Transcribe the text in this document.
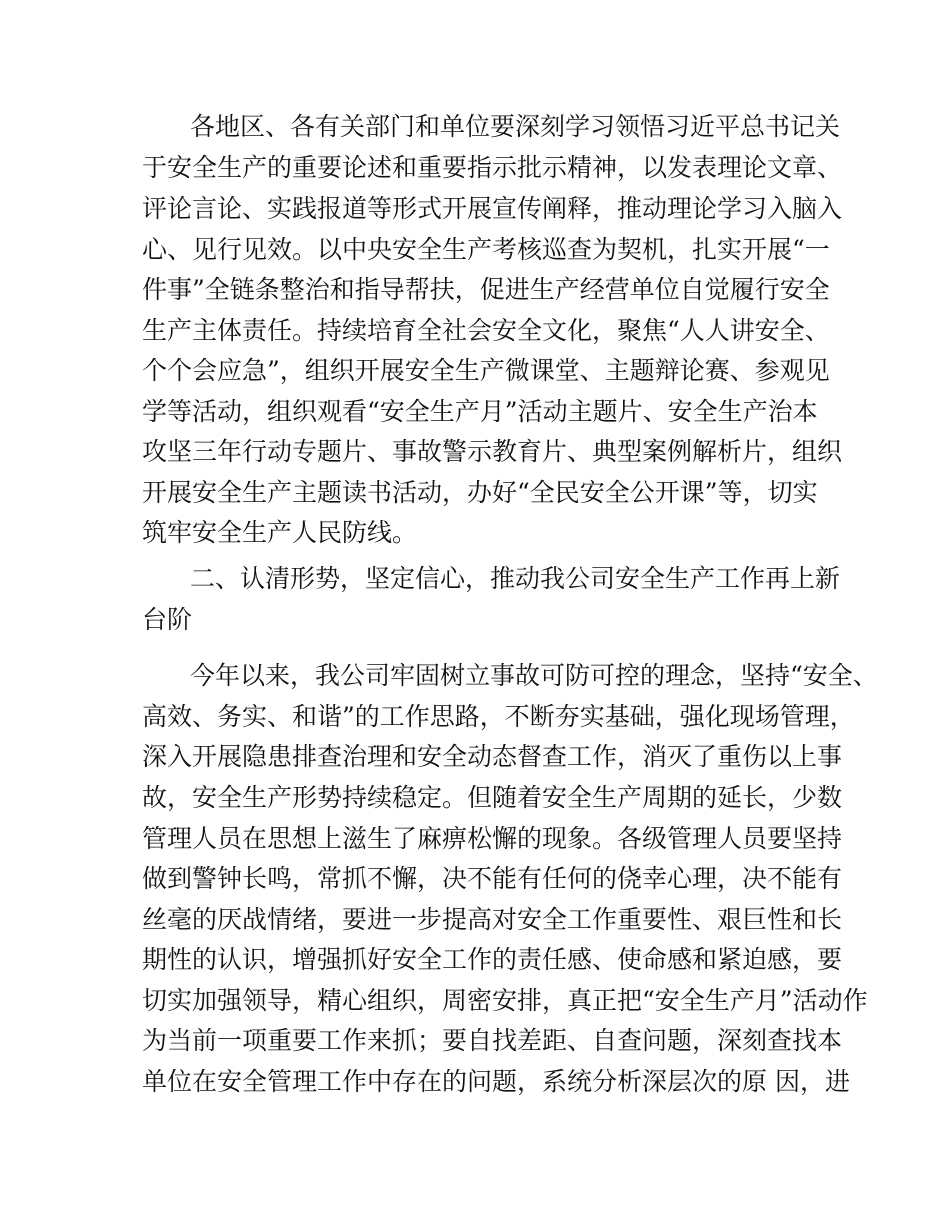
各地区、各有关部门和单位要深刻学习领悟习近平总书记关
于安全生产的重要论述和重要指示批示精神，以发表理论文章、
评论言论、实践报道等形式开展宣传阐释，推动理论学习入脑入
心、见行见效。以中央安全生产考核巡查为契机，扎实开展“一
件事”全链条整治和指导帮扶，促进生产经营单位自觉履行安全
生产主体责任。持续培育全社会安全文化，聚焦“人人讲安全、
个个会应急”，组织开展安全生产微课堂、主题辩论赛、参观见
学等活动，组织观看“安全生产月”活动主题片、安全生产治本
攻坚三年行动专题片、事故警示教育片、典型案例解析片，组织
开展安全生产主题读书活动，办好“全民安全公开课”等，切实
筑牢安全生产人民防线。
二、认清形势，坚定信心，推动我公司安全生产工作再上新
台阶
今年以来，我公司牢固树立事故可防可控的理念，坚持“安全、
高效、务实、和谐”的工作思路，不断夯实基础，强化现场管理，
深入开展隐患排查治理和安全动态督查工作，消灭了重伤以上事
故，安全生产形势持续稳定。但随着安全生产周期的延长，少数
管理人员在思想上滋生了麻痹松懈的现象。各级管理人员要坚持
做到警钟长鸣，常抓不懈，决不能有任何的侥幸心理，决不能有
丝毫的厌战情绪，要进一步提高对安全工作重要性、艰巨性和长
期性的认识，增强抓好安全工作的责任感、使命感和紧迫感，要
切实加强领导，精心组织，周密安排，真正把“安全生产月”活动作
为当前一项重要工作来抓；要自找差距、自查问题，深刻查找本
单位在安全管理工作中存在的问题，系统分析深层次的原 因，进
